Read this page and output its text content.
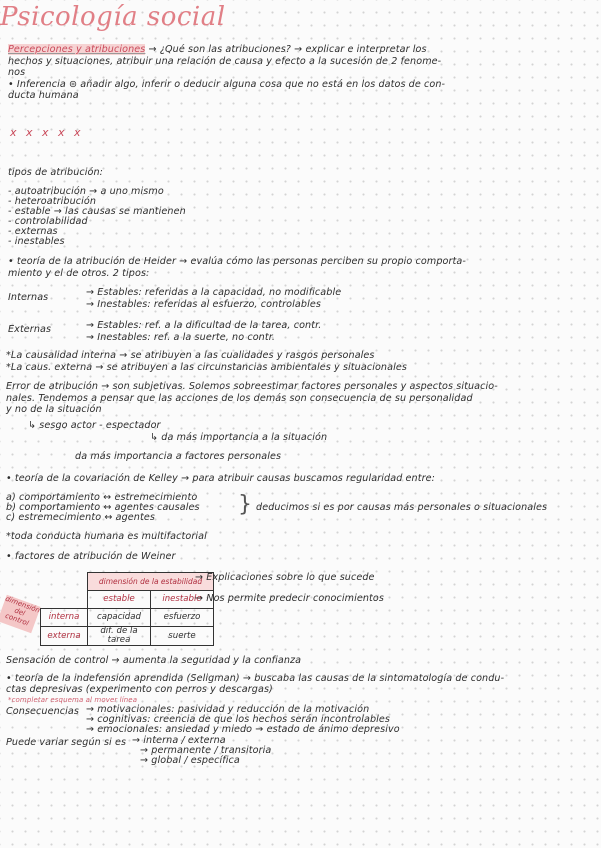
Psicología social
Percepciones y atribuciones → ¿Qué son las atribuciones? → explicar e interpretar los
hechos y situaciones, atribuir una relación de causa y efecto a la sucesión de 2 fenome-
nos
• Inferencia ⊜ añadir algo, inferir o deducir alguna cosa que no está en los datos de con-
ducta humana
x x x x x
tipos de atribución:
- autoatribución → a uno mismo
- heteroatribución
- estable → las causas se mantienen
- controlabilidad
- externas
- inestables
• teoría de la atribución de Heider → evalúa cómo las personas perciben su propio comporta-
miento y el de otros. 2 tipos:
Internas	→ Estables: referidas a la capacidad, no modificable
→ Inestables: referidas al esfuerzo, controlables
Externas	→ Estables: ref. a la dificultad de la tarea, contr.
→ Inestables: ref. a la suerte, no contr.
*La causalidad interna → se atribuyen a las cualidades y rasgos personales
*La caus. externa → se atribuyen a las circunstancias ambientales y situacionales
Error de atribución → son subjetivas. Solemos sobreestimar factores personales y aspectos situacio-
nales. Tendemos a pensar que las acciones de los demás son consecuencia de su personalidad
y no de la situación
↳ sesgo actor - espectador
↳ da más importancia a la situación
da más importancia a factores personales
• teoría de la covariación de Kelley → para atribuir causas buscamos regularidad entre:
a) comportamiento ↔ estremecimiento
b) comportamiento ↔ agentes causales
c) estremecimiento ↔ agentes
} deducimos si es por causas más personales o situacionales
*toda conducta humana es multifactorial
• factores de atribución de Weiner
dimensión del control
	dimensión de la estabilidad	
	estable	inestable
interna	capacidad	esfuerzo
externa	dif. de la tarea	suerte
→ Explicaciones sobre lo que sucede
→ Nos permite predecir conocimientos
Sensación de control → aumenta la seguridad y la confianza
• teoría de la indefensión aprendida (Seligman) → buscaba las causas de la sintomatología de condu-
ctas depresivas (experimento con perros y descargas)
*completar esquema al mover línea
Consecuencias → motivacionales: pasividad y reducción de la motivación
→ cognitivas: creencia de que los hechos serán incontrolables
→ emocionales: ansiedad y miedo → estado de ánimo depresivo
Puede variar según si es → interna / externa
→ permanente / transitoria
→ global / específica
